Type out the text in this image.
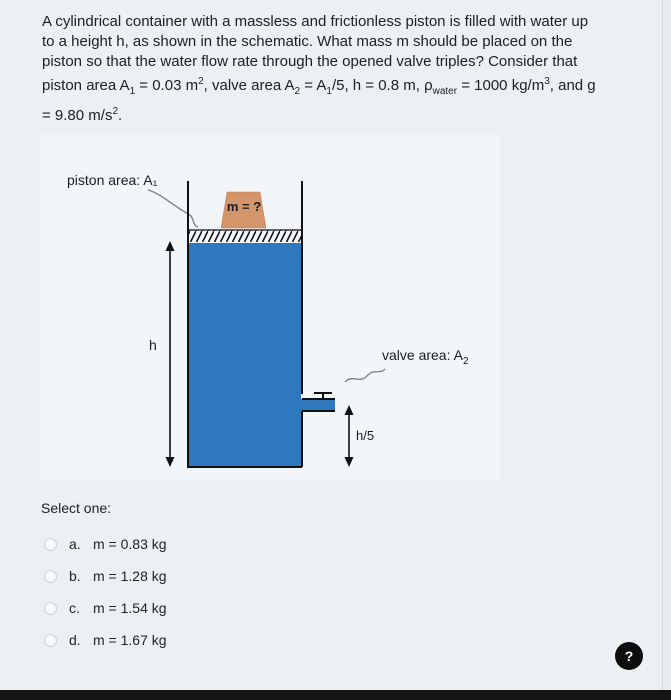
A cylindrical container with a massless and frictionless piston is filled with water up

to a height h, as shown in the schematic. What mass m should be placed on the

piston so that the water flow rate through the opened valve triples? Consider that

piston area $A_1 = 0.03$ $m^2$, valve area $A_2 = A_1/5$, h = 0.8 m, $\rho_{water} = 1000$ $kg/m^3$, and g

= 9.80 $m/s^2$.

piston area: A₁
m = ?
h
h/5
valve area: $A_2$
Select one:
a. m = 0.83 kg
b. m = 1.28 kg
c. m = 1.54 kg
d. m = 1.67 kg
?
